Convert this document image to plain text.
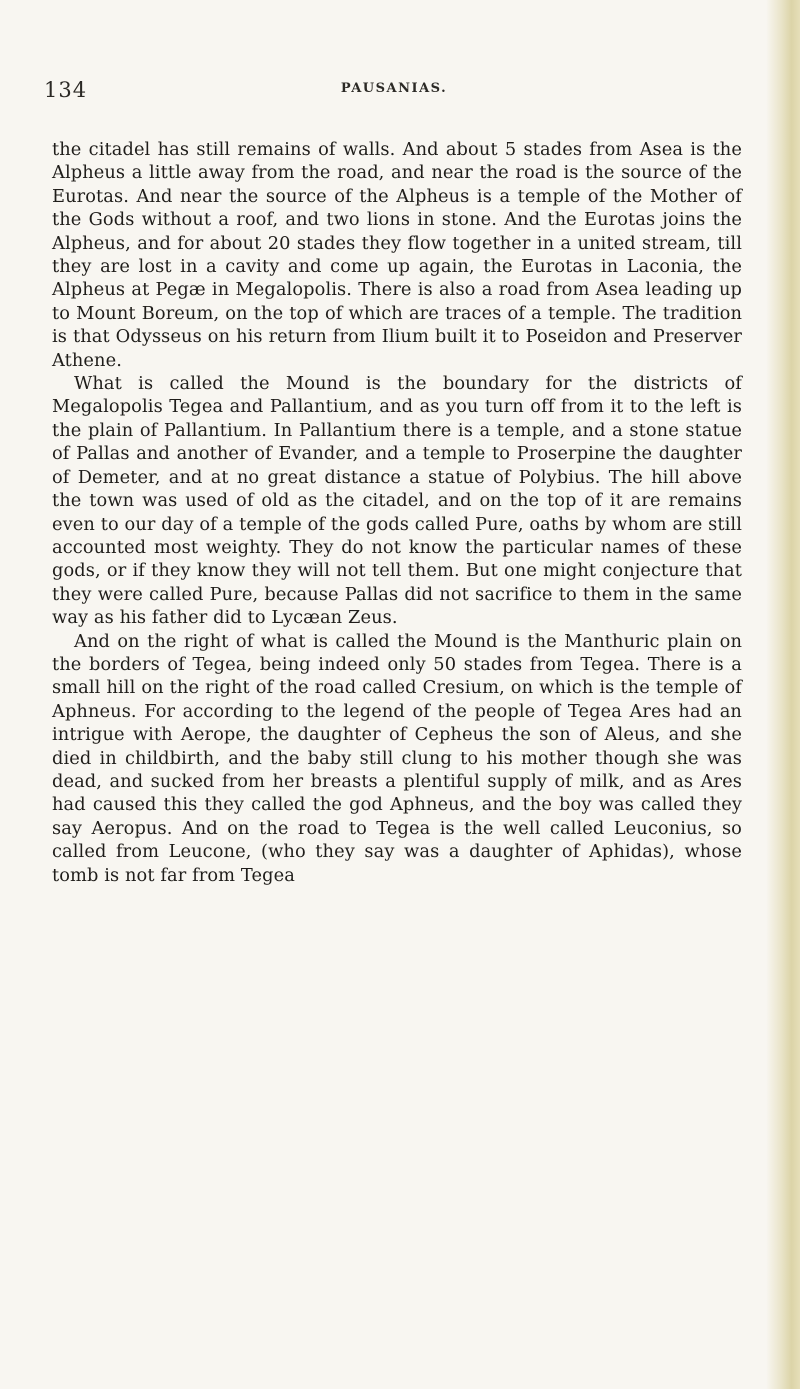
134	PAUSANIAS.

the citadel has still remains of walls. And about 5 stades from Asea is the Alpheus a little away from the road, and near the road is the source of the Eurotas. And near the source of the Alpheus is a temple of the Mother of the Gods without a roof, and two lions in stone. And the Eurotas joins the Alpheus, and for about 20 stades they flow together in a united stream, till they are lost in a cavity and come up again, the Eurotas in Laconia, the Alpheus at Pegæ in Megalopolis. There is also a road from Asea leading up to Mount Boreum, on the top of which are traces of a temple. The tradition is that Odysseus on his return from Ilium built it to Poseidon and Preserver Athene.

What is called the Mound is the boundary for the districts of Megalopolis Tegea and Pallantium, and as you turn off from it to the left is the plain of Pallantium. In Pallantium there is a temple, and a stone statue of Pallas and another of Evander, and a temple to Proserpine the daughter of Demeter, and at no great distance a statue of Polybius. The hill above the town was used of old as the citadel, and on the top of it are remains even to our day of a temple of the gods called Pure, oaths by whom are still accounted most weighty. They do not know the particular names of these gods, or if they know they will not tell them. But one might conjecture that they were called Pure, because Pallas did not sacrifice to them in the same way as his father did to Lycæan Zeus.

And on the right of what is called the Mound is the Manthuric plain on the borders of Tegea, being indeed only 50 stades from Tegea. There is a small hill on the right of the road called Cresium, on which is the temple of Aphneus. For according to the legend of the people of Tegea Ares had an intrigue with Aerope, the daughter of Cepheus the son of Aleus, and she died in childbirth, and the baby still clung to his mother though she was dead, and sucked from her breasts a plentiful supply of milk, and as Ares had caused this they called the god Aphneus, and the boy was called they say Aeropus. And on the road to Tegea is the well called Leuconius, so called from Leucone, (who they say was a daughter of Aphidas), whose tomb is not far from Tegea
